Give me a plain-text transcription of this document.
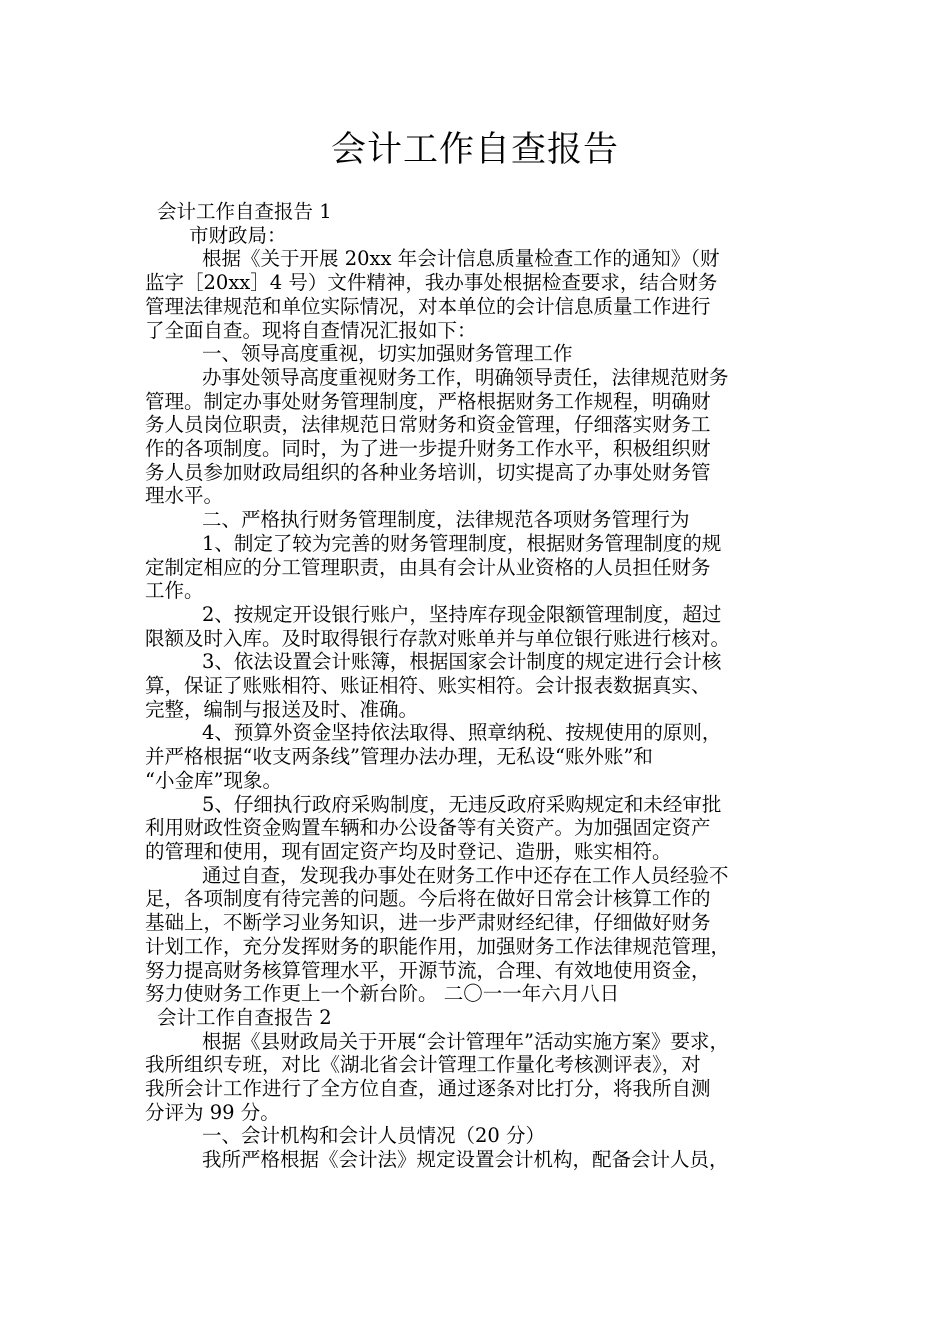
会计工作自查报告

会计工作自查报告 1

市财政局：

根据《关于开展 20xx 年会计信息质量检查工作的通知》（财

监字［20xx］4 号）文件精神，我办事处根据检查要求，结合财务

管理法律规范和单位实际情况，对本单位的会计信息质量工作进行

了全面自查。现将自查情况汇报如下：

一、领导高度重视，切实加强财务管理工作

办事处领导高度重视财务工作，明确领导责任，法律规范财务

管理。制定办事处财务管理制度，严格根据财务工作规程，明确财

务人员岗位职责，法律规范日常财务和资金管理，仔细落实财务工

作的各项制度。同时，为了进一步提升财务工作水平，积极组织财

务人员参加财政局组织的各种业务培训，切实提高了办事处财务管

理水平。

二、严格执行财务管理制度，法律规范各项财务管理行为

1、制定了较为完善的财务管理制度，根据财务管理制度的规

定制定相应的分工管理职责，由具有会计从业资格的人员担任财务

工作。

2、按规定开设银行账户，坚持库存现金限额管理制度，超过

限额及时入库。及时取得银行存款对账单并与单位银行账进行核对。

3、依法设置会计账簿，根据国家会计制度的规定进行会计核

算，保证了账账相符、账证相符、账实相符。会计报表数据真实、

完整，编制与报送及时、准确。

4、预算外资金坚持依法取得、照章纳税、按规使用的原则，

并严格根据“收支两条线”管理办法办理，无私设“账外账”和

“小金库”现象。

5、仔细执行政府采购制度，无违反政府采购规定和未经审批

利用财政性资金购置车辆和办公设备等有关资产。为加强固定资产

的管理和使用，现有固定资产均及时登记、造册，账实相符。

通过自查，发现我办事处在财务工作中还存在工作人员经验不

足，各项制度有待完善的问题。今后将在做好日常会计核算工作的

基础上，不断学习业务知识，进一步严肃财经纪律，仔细做好财务

计划工作，充分发挥财务的职能作用，加强财务工作法律规范管理，

努力提高财务核算管理水平，开源节流，合理、有效地使用资金，

努力使财务工作更上一个新台阶。 二〇一一年六月八日

会计工作自查报告 2

根据《县财政局关于开展“会计管理年”活动实施方案》要求，

我所组织专班，对比《湖北省会计管理工作量化考核测评表》，对

我所会计工作进行了全方位自查，通过逐条对比打分，将我所自测

分评为 99 分。

一、会计机构和会计人员情况（20 分）

我所严格根据《会计法》规定设置会计机构，配备会计人员，
